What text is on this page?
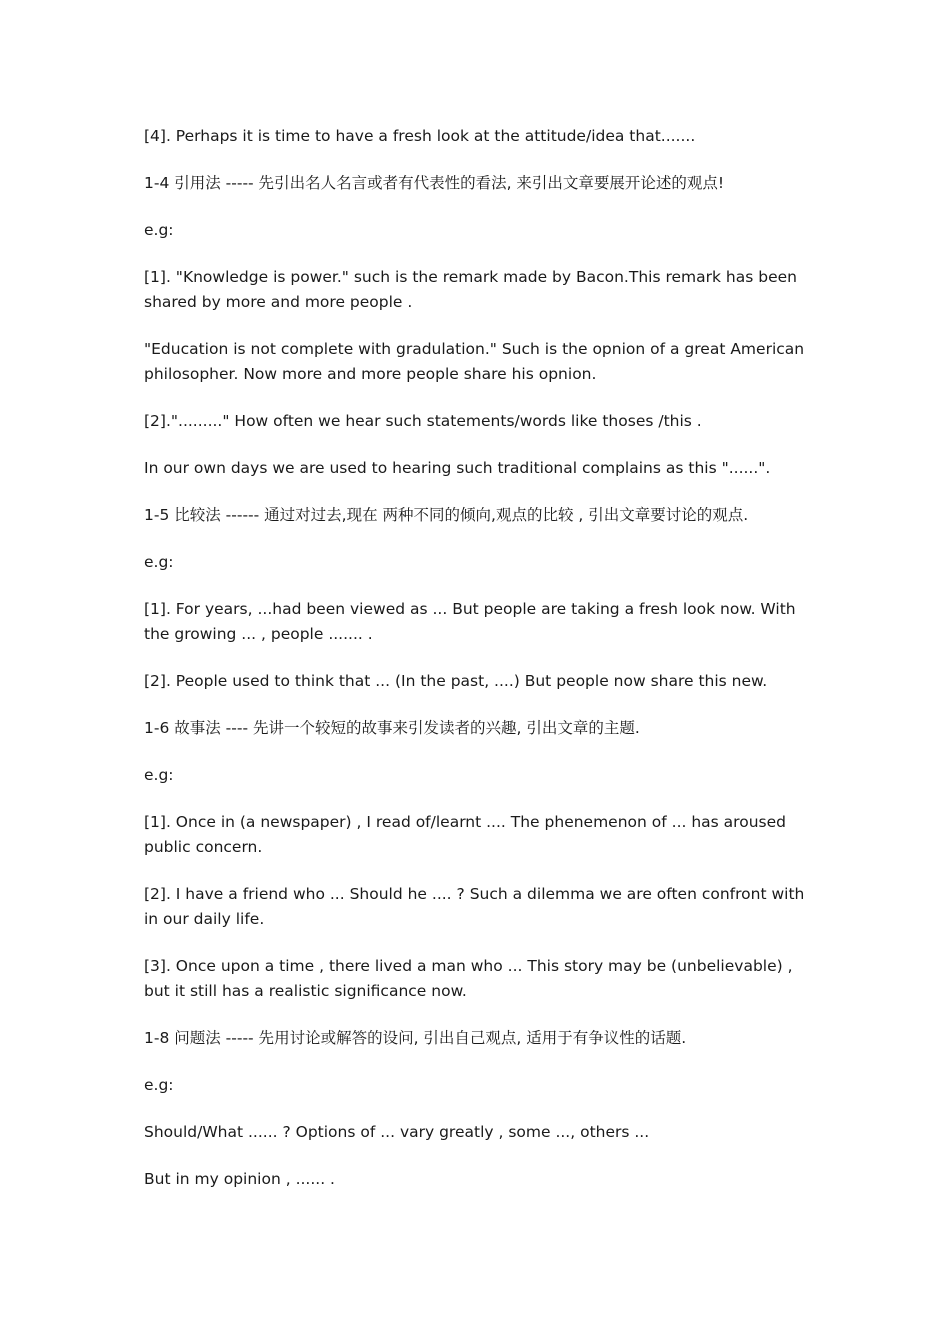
[4]. Perhaps it is time to have a fresh look at the attitude/idea that.......

1-4 引用法 ----- 先引出名人名言或者有代表性的看法, 来引出文章要展开论述的观点!

e.g:

[1]. "Knowledge is power." such is the remark made by Bacon.This remark has been shared by more and more people .

"Education is not complete with gradulation." Such is the opnion of a great American philosopher. Now more and more people share his opnion.

[2]."........." How often we hear such statements/words like thoses /this .

In our own days we are used to hearing such traditional complains as this "......".

1-5 比较法 ------ 通过对过去,现在 两种不同的倾向,观点的比较 , 引出文章要讨论的观点.

e.g:

[1]. For years, ...had been viewed as ... But people are taking a fresh look now. With the growing ... , people ....... .

[2]. People used to think that ... (In the past, ....) But people now share this new.

1-6 故事法 ---- 先讲一个较短的故事来引发读者的兴趣, 引出文章的主题.

e.g:

[1]. Once in (a newspaper) , I read of/learnt .... The phenemenon of ... has aroused public concern.

[2]. I have a friend who ... Should he .... ? Such a dilemma we are often confront with in our daily life.

[3]. Once upon a time , there lived a man who ... This story may be (unbelievable) , but it still has a realistic significance now.

1-8 问题法 ----- 先用讨论或解答的设问, 引出自己观点, 适用于有争议性的话题.

e.g:

Should/What ...... ? Options of ... vary greatly , some ..., others ...

But in my opinion , ...... .
